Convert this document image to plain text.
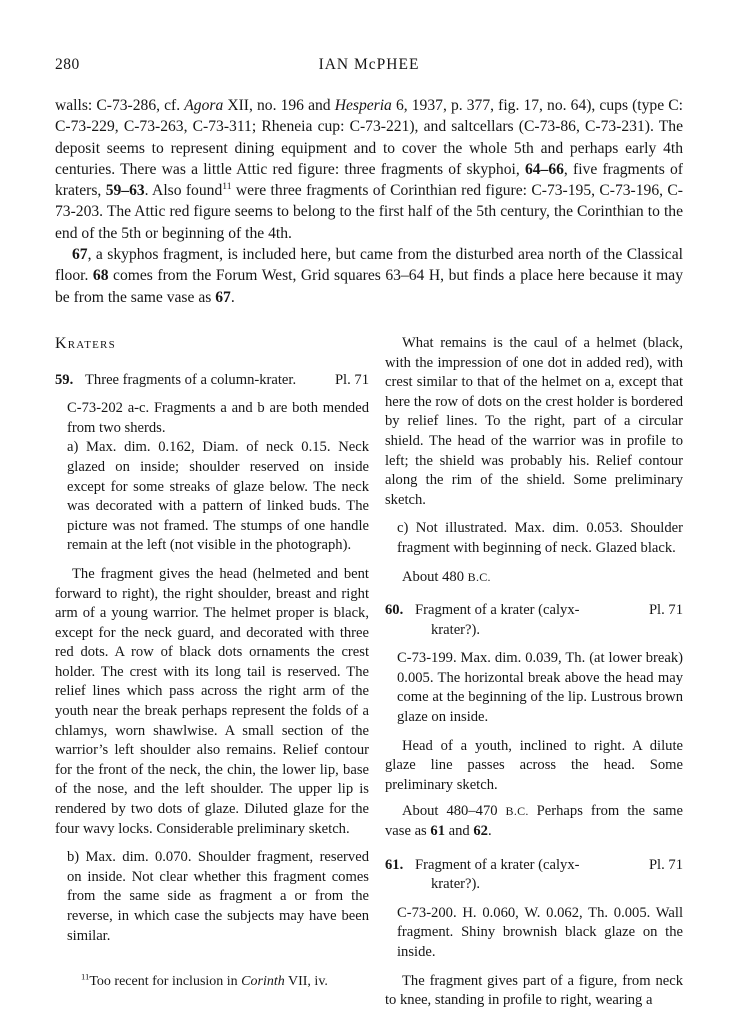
280	IAN McPHEE

walls: C-73-286, cf. Agora XII, no. 196 and Hesperia 6, 1937, p. 377, fig. 17, no. 64), cups (type C: C-73-229, C-73-263, C-73-311; Rheneia cup: C-73-221), and saltcellars (C-73-86, C-73-231). The deposit seems to represent dining equipment and to cover the whole 5th and perhaps early 4th centuries. There was a little Attic red figure: three fragments of skyphoi, 64–66, five fragments of kraters, 59–63. Also found$^{11}$ were three fragments of Corinthian red figure: C-73-195, C-73-196, C-73-203. The Attic red figure seems to belong to the first half of the 5th century, the Corinthian to the end of the 5th or beginning of the 4th.

67, a skyphos fragment, is included here, but came from the disturbed area north of the Classical floor. 68 comes from the Forum West, Grid squares 63–64 H, but finds a place here because it may be from the same vase as 67.

Kraters
59. Three fragments of a column-krater.	Pl. 71

C-73-202 a-c. Fragments a and b are both mended from two sherds.

a) Max. dim. 0.162, Diam. of neck 0.15. Neck glazed on inside; shoulder reserved on inside except for some streaks of glaze below. The neck was decorated with a pattern of linked buds. The picture was not framed. The stumps of one handle remain at the left (not visible in the photograph).

The fragment gives the head (helmeted and bent forward to right), the right shoulder, breast and right arm of a young warrior. The helmet proper is black, except for the neck guard, and decorated with three red dots. A row of black dots ornaments the crest holder. The crest with its long tail is reserved. The relief lines which pass across the right arm of the youth near the break perhaps represent the folds of a chlamys, worn shawlwise. A small section of the warrior’s left shoulder also remains. Relief contour for the front of the neck, the chin, the lower lip, base of the nose, and the left shoulder. The upper lip is rendered by two dots of glaze. Diluted glaze for the four wavy locks. Considerable preliminary sketch.

b) Max. dim. 0.070. Shoulder fragment, reserved on inside. Not clear whether this fragment comes from the same side as fragment a or from the reverse, in which case the subjects may have been similar.

$^{11}$Too recent for inclusion in Corinth VII, iv.

What remains is the caul of a helmet (black, with the impression of one dot in added red), with crest similar to that of the helmet on a, except that here the row of dots on the crest holder is bordered by relief lines. To the right, part of a circular shield. The head of the warrior was in profile to left; the shield was probably his. Relief contour along the rim of the shield. Some preliminary sketch.

c) Not illustrated. Max. dim. 0.053. Shoulder fragment with beginning of neck. Glazed black.

About 480 B.C.

60. Fragment of a krater (calyx-	Pl. 71
krater?).

C-73-199. Max. dim. 0.039, Th. (at lower break) 0.005. The horizontal break above the head may come at the beginning of the lip. Lustrous brown glaze on inside.

Head of a youth, inclined to right. A dilute glaze line passes across the head. Some preliminary sketch.

About 480–470 B.C. Perhaps from the same vase as 61 and 62.

61. Fragment of a krater (calyx-	Pl. 71
krater?).

C-73-200. H. 0.060, W. 0.062, Th. 0.005. Wall fragment. Shiny brownish black glaze on the inside.

The fragment gives part of a figure, from neck to knee, standing in profile to right, wearing a
